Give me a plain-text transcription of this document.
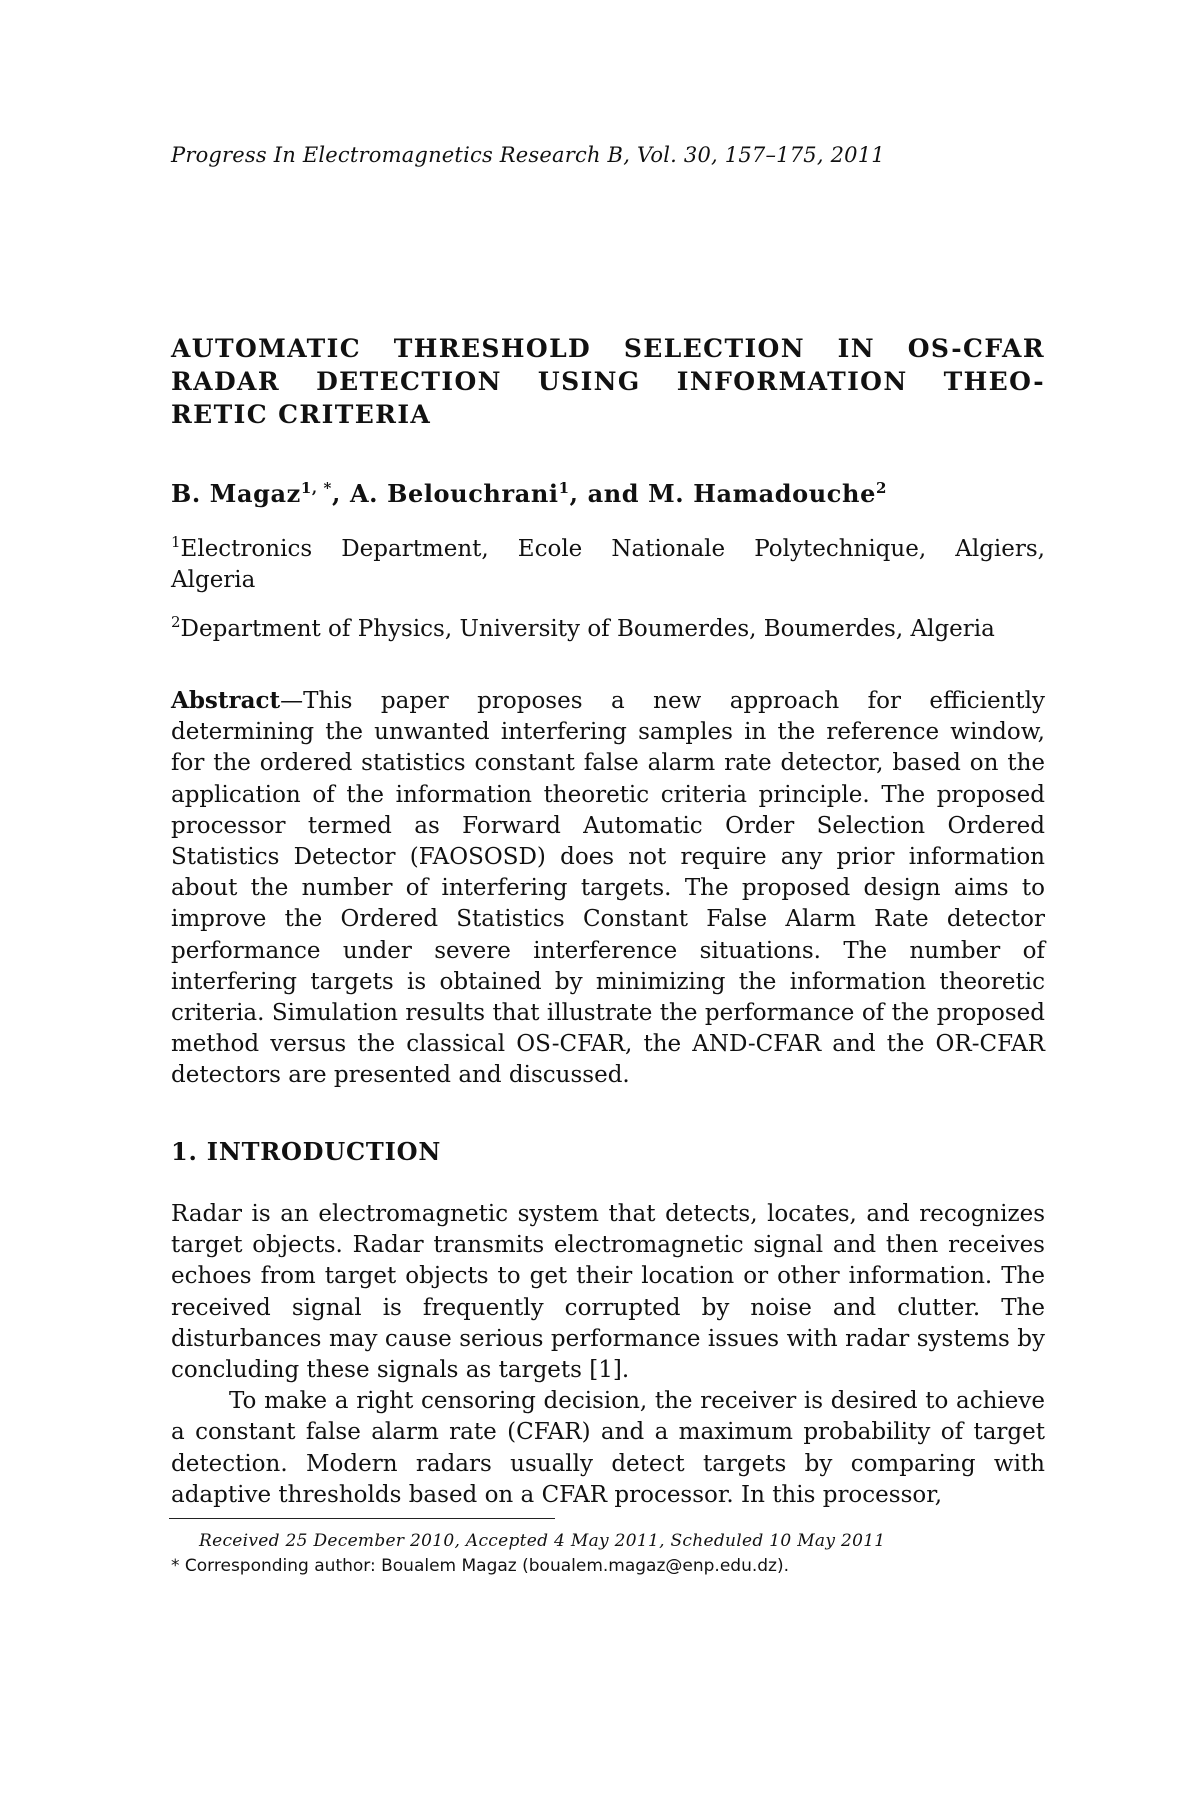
Progress In Electromagnetics Research B, Vol. 30, 157–175, 2011
AUTOMATIC THRESHOLD SELECTION IN OS-CFAR
RADAR DETECTION USING INFORMATION THEO-
RETIC CRITERIA
B. Magaz$^{1, *}$, A. Belouchrani$^1$, and M. Hamadouche$^2$
$^1$Electronics Department, Ecole Nationale Polytechnique, Algiers,
Algeria
$^2$Department of Physics, University of Boumerdes, Boumerdes, Algeria
Abstract—This paper proposes a new approach for efficiently determining the unwanted interfering samples in the reference window, for the ordered statistics constant false alarm rate detector, based on the application of the information theoretic criteria principle. The proposed processor termed as Forward Automatic Order Selection Ordered Statistics Detector (FAOSOSD) does not require any prior information about the number of interfering targets. The proposed design aims to improve the Ordered Statistics Constant False Alarm Rate detector performance under severe interference situations. The number of interfering targets is obtained by minimizing the information theoretic criteria. Simulation results that illustrate the performance of the proposed method versus the classical OS-CFAR, the AND-CFAR and the OR-CFAR detectors are presented and discussed.
1. INTRODUCTION

Radar is an electromagnetic system that detects, locates, and recognizes target objects. Radar transmits electromagnetic signal and then receives echoes from target objects to get their location or other information. The received signal is frequently corrupted by noise and clutter. The disturbances may cause serious performance issues with radar systems by concluding these signals as targets [1].

To make a right censoring decision, the receiver is desired to achieve a constant false alarm rate (CFAR) and a maximum probability of target detection. Modern radars usually detect targets by comparing with adaptive thresholds based on a CFAR processor. In this processor,

Received 25 December 2010, Accepted 4 May 2011, Scheduled 10 May 2011
* Corresponding author: Boualem Magaz (boualem.magaz@enp.edu.dz).
